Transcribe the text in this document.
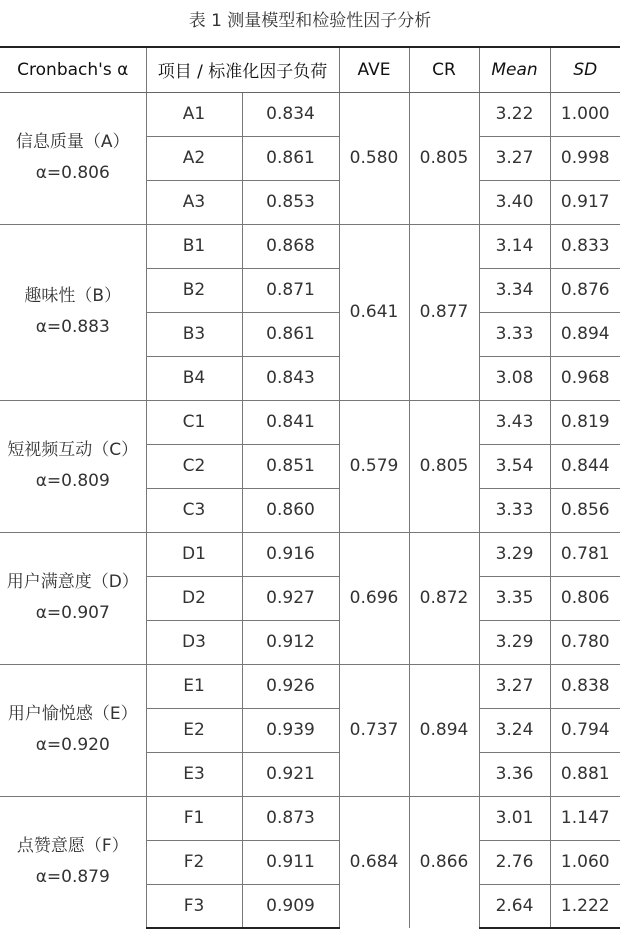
表 1 测量模型和检验性因子分析
Cronbach's α	项目 / 标准化因子负荷		AVE	CR	Mean	SD

信息质量（A）
α=0.806	A1	0.834	0.580	0.805	3.22	1.000
	A2	0.861			3.27	0.998
	A3	0.853			3.40	0.917

趣味性（B）
α=0.883	B1	0.868	0.641	0.877	3.14	0.833
	B2	0.871			3.34	0.876
	B3	0.861			3.33	0.894
	B4	0.843			3.08	0.968

短视频互动（C）
α=0.809	C1	0.841	0.579	0.805	3.43	0.819
	C2	0.851			3.54	0.844
	C3	0.860			3.33	0.856

用户满意度（D）
α=0.907	D1	0.916	0.696	0.872	3.29	0.781
	D2	0.927			3.35	0.806
	D3	0.912			3.29	0.780

用户愉悦感（E）
α=0.920	E1	0.926	0.737	0.894	3.27	0.838
	E2	0.939			3.24	0.794
	E3	0.921			3.36	0.881

点赞意愿（F）
α=0.879	F1	0.873	0.684	0.866	3.01	1.147
	F2	0.911			2.76	1.060
	F3	0.909			2.64	1.222
